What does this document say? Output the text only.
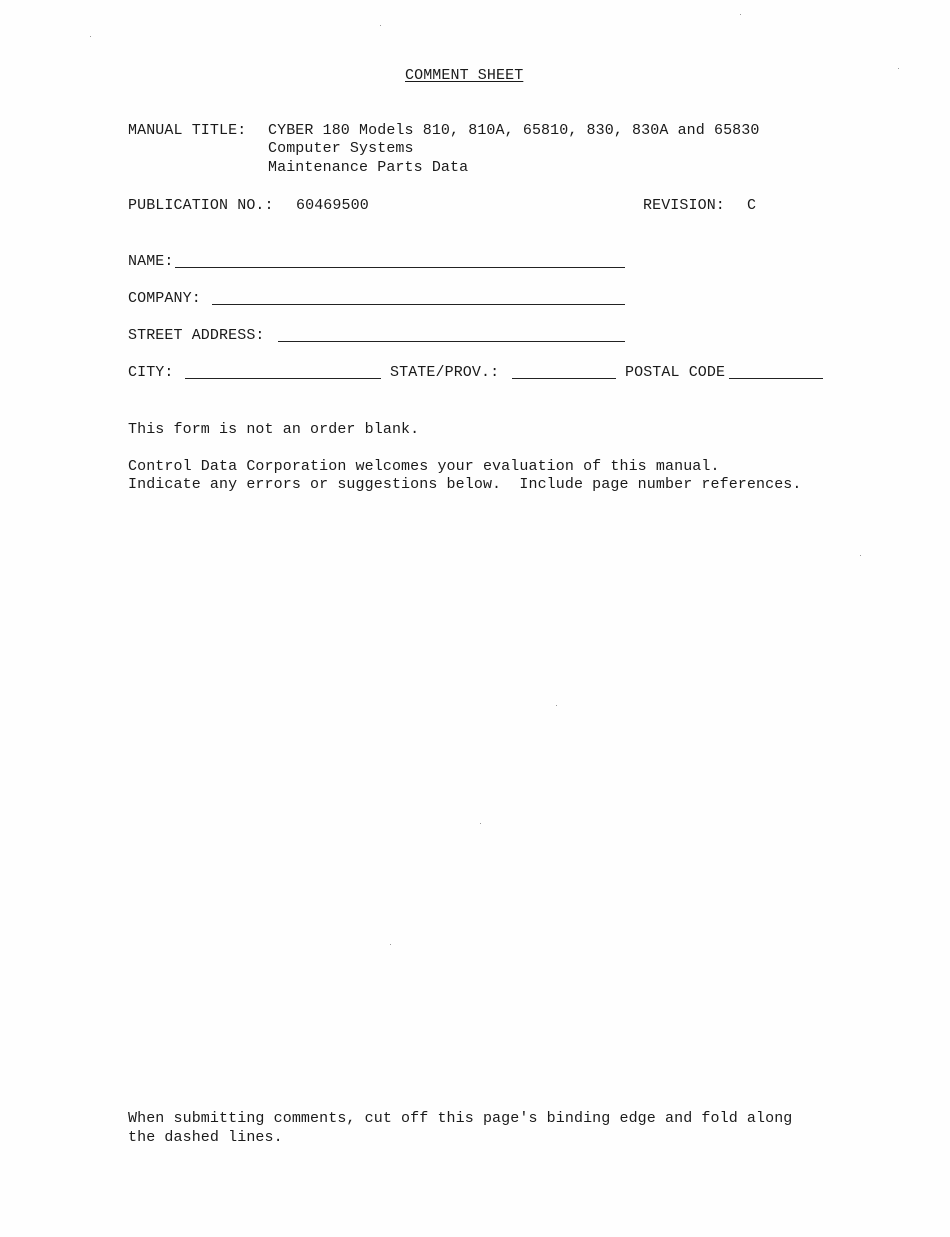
COMMENT SHEET
MANUAL TITLE: CYBER 180 Models 810, 810A, 65810, 830, 830A and 65830
Computer Systems
Maintenance Parts Data
PUBLICATION NO.: 60469500	REVISION: C
NAME:
COMPANY:
STREET ADDRESS:
CITY:	STATE/PROV.:	POSTAL CODE
This form is not an order blank.
Control Data Corporation welcomes your evaluation of this manual.
Indicate any errors or suggestions below.  Include page number references.
When submitting comments, cut off this page's binding edge and fold along
the dashed lines.
